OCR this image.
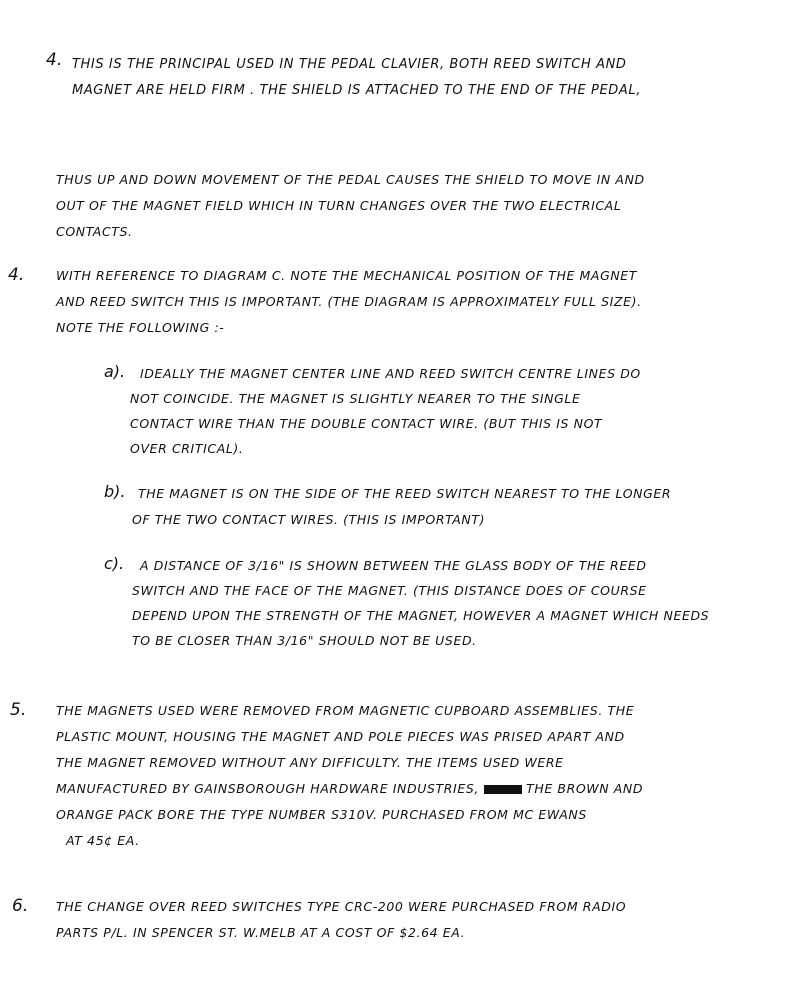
4. THIS IS THE PRINCIPAL USED IN THE PEDAL CLAVIER, BOTH REED SWITCH AND
MAGNET ARE HELD FIRM . THE SHIELD IS ATTACHED TO THE END OF THE PEDAL,
THUS UP AND DOWN MOVEMENT OF THE PEDAL CAUSES THE SHIELD TO MOVE IN AND
OUT OF THE MAGNET FIELD WHICH IN TURN CHANGES OVER THE TWO ELECTRICAL
CONTACTS.
4.	WITH REFERENCE TO DIAGRAM C. NOTE THE MECHANICAL POSITION OF THE MAGNET
AND REED SWITCH THIS IS IMPORTANT. (THE DIAGRAM IS APPROXIMATELY FULL SIZE).
NOTE THE FOLLOWING :-
a). IDEALLY THE MAGNET CENTER LINE AND REED SWITCH CENTRE LINES DO
NOT COINCIDE. THE MAGNET IS SLIGHTLY NEARER TO THE SINGLE
CONTACT WIRE THAN THE DOUBLE CONTACT WIRE. (BUT THIS IS NOT
OVER CRITICAL).
b). THE MAGNET IS ON THE SIDE OF THE REED SWITCH NEAREST TO THE LONGER
OF THE TWO CONTACT WIRES. (THIS IS IMPORTANT)
c). A DISTANCE OF 3/16" IS SHOWN BETWEEN THE GLASS BODY OF THE REED
SWITCH AND THE FACE OF THE MAGNET. (THIS DISTANCE DOES OF COURSE
DEPEND UPON THE STRENGTH OF THE MAGNET, HOWEVER A MAGNET WHICH NEEDS
TO BE CLOSER THAN 3/16" SHOULD NOT BE USED.
5. THE MAGNETS USED WERE REMOVED FROM MAGNETIC CUPBOARD ASSEMBLIES. THE
PLASTIC MOUNT, HOUSING THE MAGNET AND POLE PIECES WAS PRISED APART AND
THE MAGNET REMOVED WITHOUT ANY DIFFICULTY. THE ITEMS USED WERE
MANUFACTURED BY GAINSBOROUGH HARDWARE INDUSTRIES,	THE BROWN AND
ORANGE PACK BORE THE TYPE NUMBER S310V. PURCHASED FROM MC EWANS
AT 45¢ EA.
6. THE CHANGE OVER REED SWITCHES TYPE CRC-200 WERE PURCHASED FROM RADIO
PARTS P/L. IN SPENCER ST. W.MELB AT A COST OF $2.64 EA.
